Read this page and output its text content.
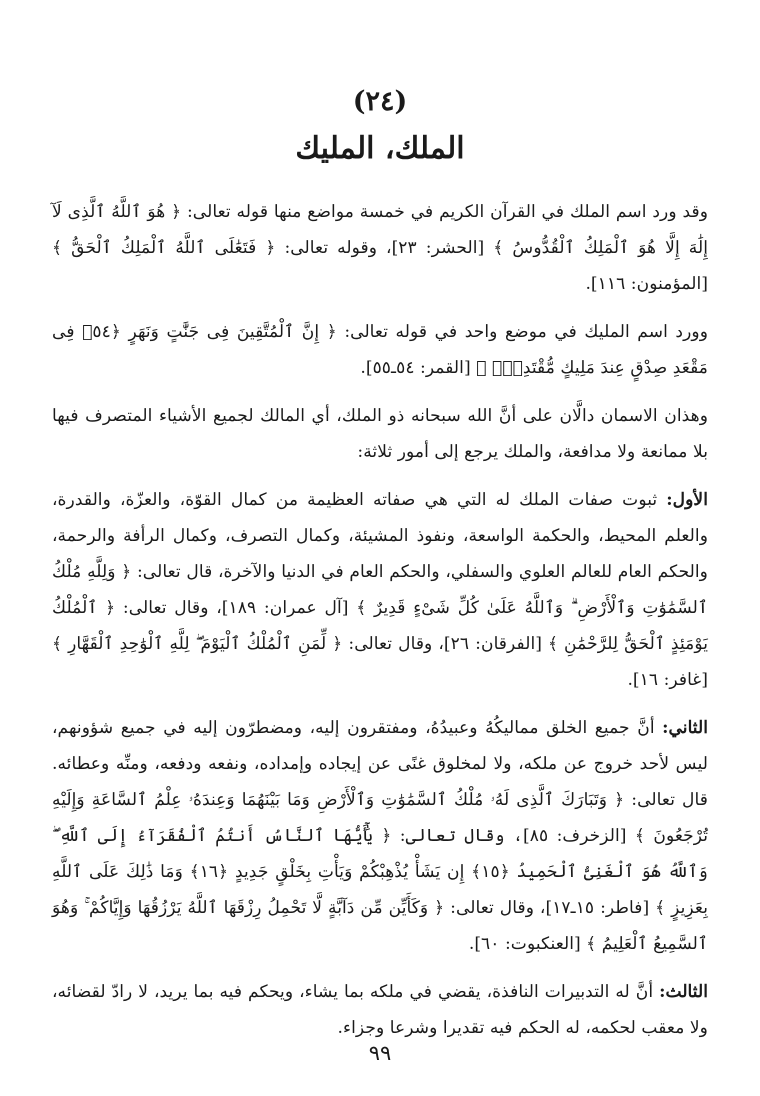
(٢٤)
الملك، المليك

وقد ورد اسم الملك في القرآن الكريم في خمسة مواضع منها قوله تعالى: ﴿ هُوَ ٱللَّهُ ٱلَّذِى لَآ إِلَٰهَ إِلَّا هُوَ ٱلْمَلِكُ ٱلْقُدُّوسُ ﴾ [الحشر: ٢٣]، وقوله تعالى: ﴿ فَتَعَٰلَى ٱللَّهُ ٱلْمَلِكُ ٱلْحَقُّ ﴾ [المؤمنون: ١١٦].

وورد اسم المليك في موضع واحد في قوله تعالى: ﴿ إِنَّ ٱلْمُتَّقِينَ فِى جَنَّٰتٍ وَنَهَرٍ ﴿٥٤﴾ فِى مَقْعَدِ صِدْقٍ عِندَ مَلِيكٍ مُّقْتَدِرٍۭ ﴾ [القمر: ٥٤ـ٥٥].

وهذان الاسمان دالَّان على أنَّ الله سبحانه ذو الملك، أي المالك لجميع الأشياء المتصرف فيها بلا ممانعة ولا مدافعة، والملك يرجع إلى أمور ثلاثة:

الأول: ثبوت صفات الملك له التي هي صفاته العظيمة من كمال القوّة، والعزّة، والقدرة، والعلم المحيط، والحكمة الواسعة، ونفوذ المشيئة، وكمال التصرف، وكمال الرأفة والرحمة، والحكم العام للعالم العلوي والسفلي، والحكم العام في الدنيا والآخرة، قال تعالى: ﴿ وَلِلَّهِ مُلْكُ ٱلسَّمَٰوَٰتِ وَٱلْأَرْضِ ۗ وَٱللَّهُ عَلَىٰ كُلِّ شَىْءٍ قَدِيرٌ ﴾ [آل عمران: ١٨٩]، وقال تعالى: ﴿ ٱلْمُلْكُ يَوْمَئِذٍ ٱلْحَقُّ لِلرَّحْمَٰنِ ﴾ [الفرقان: ٢٦]، وقال تعالى: ﴿ لِّمَنِ ٱلْمُلْكُ ٱلْيَوْمَ ۖ لِلَّهِ ٱلْوَٰحِدِ ٱلْقَهَّارِ ﴾ [غافر: ١٦].

الثاني: أنَّ جميع الخلق مماليكُهُ وعبيدُهُ، ومفتقرون إليه، ومضطرّون إليه في جميع شؤونهم، ليس لأحد خروج عن ملكه، ولا لمخلوق غنًى عن إيجاده وإمداده، ونفعه ودفعه، ومنِّه وعطائه. قال تعالى: ﴿ وَتَبَارَكَ ٱلَّذِى لَهُۥ مُلْكُ ٱلسَّمَٰوَٰتِ وَٱلْأَرْضِ وَمَا بَيْنَهُمَا وَعِندَهُۥ عِلْمُ ٱلسَّاعَةِ وَإِلَيْهِ تُرْجَعُونَ ﴾ [الزخرف: ٨٥]، وقال تعالى: ﴿ يَٰٓأَيُّهَا ٱلنَّاسُ أَنتُمُ ٱلْفُقَرَآءُ إِلَى ٱللَّهِ ۖ وَٱللَّهُ هُوَ ٱلْغَنِىُّ ٱلْحَمِيدُ ﴿١٥﴾ إِن يَشَأْ يُذْهِبْكُمْ وَيَأْتِ بِخَلْقٍ جَدِيدٍ ﴿١٦﴾ وَمَا ذَٰلِكَ عَلَى ٱللَّهِ بِعَزِيزٍ ﴾ [فاطر: ١٥ـ١٧]، وقال تعالى: ﴿ وَكَأَيِّن مِّن دَآبَّةٍ لَّا تَحْمِلُ رِزْقَهَا ٱللَّهُ يَرْزُقُهَا وَإِيَّاكُمْ ۚ وَهُوَ ٱلسَّمِيعُ ٱلْعَلِيمُ ﴾ [العنكبوت: ٦٠].

الثالث: أنَّ له التدبيرات النافذة، يقضي في ملكه بما يشاء، ويحكم فيه بما يريد، لا رادّ لقضائه، ولا معقب لحكمه، له الحكم فيه تقديرا وشرعا وجزاء.

٩٩
